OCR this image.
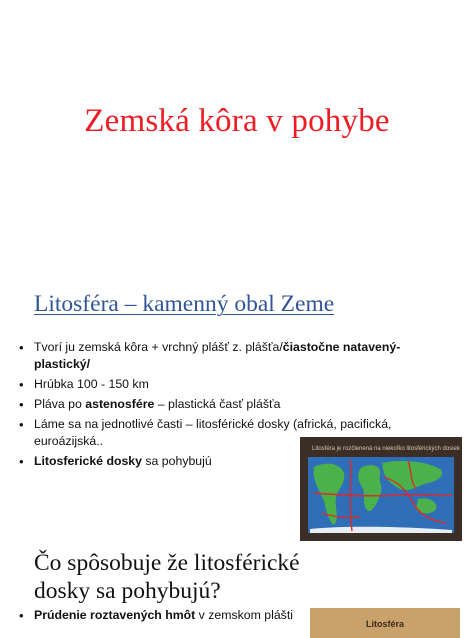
Zemská kôra v pohybe
Litosféra – kamenný obal Zeme
• Tvorí ju zemská kôra + vrchný plášť z. plášťa/čiastočne natavený-plastický/
• Hrúbka 100 - 150 km
• Pláva po astenosfére – plastická časť plášťa
• Láme sa na jednotlivé časti – litosférické dosky (africká, pacifická, euroázijská..
• Litosferické dosky sa pohybujú
Litosféra je rozčlenená na niekoľko litosférických dosiek
Čo spôsobuje že litosférické dosky sa pohybujú?
• Prúdenie roztavených hmôt v zemskom plášti
Litosféra
